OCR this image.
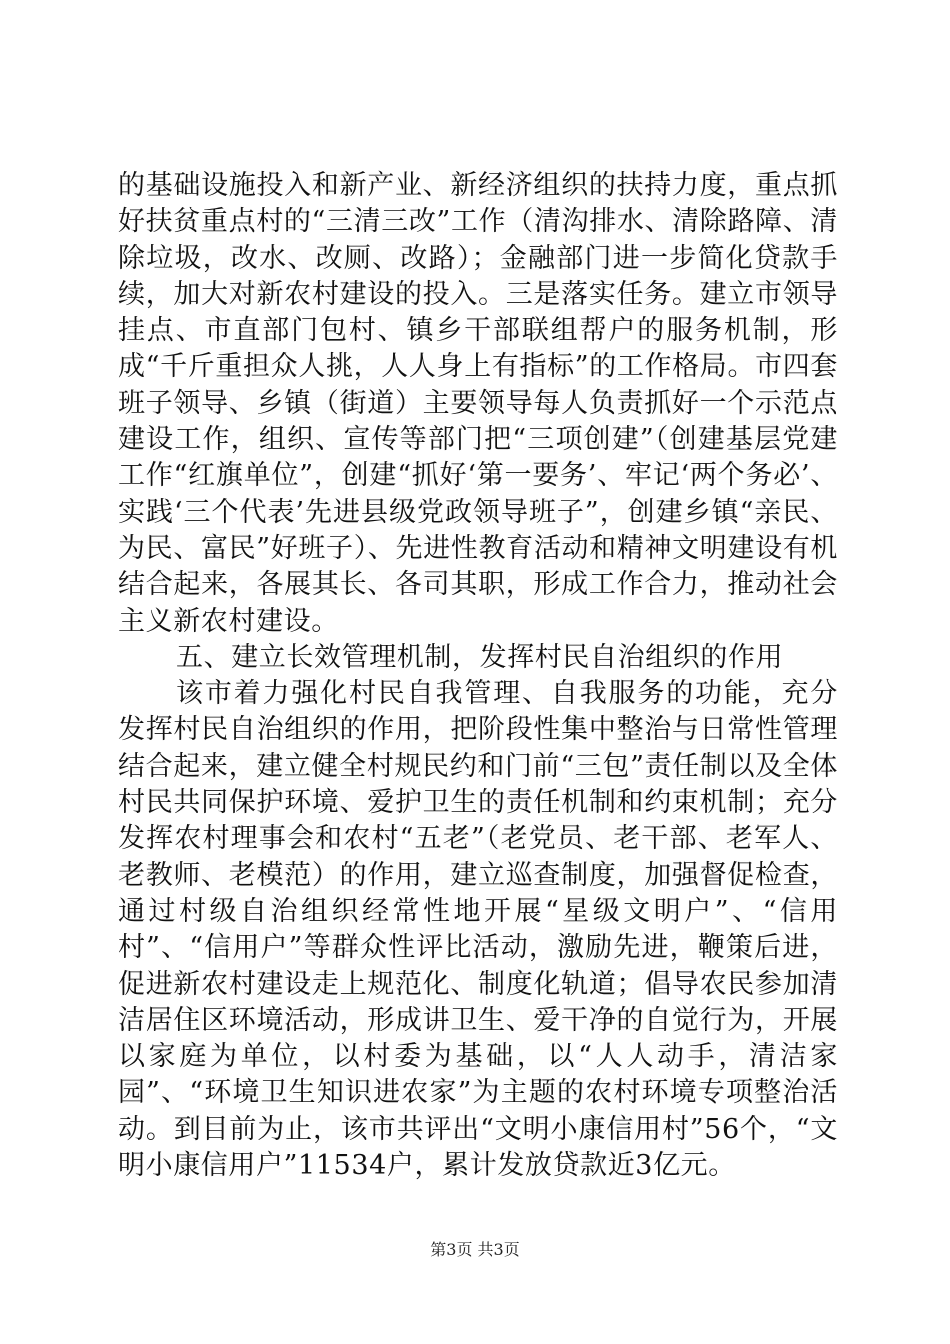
的基础设施投入和新产业、新经济组织的扶持力度，重点抓好扶贫重点村的“三清三改”工作（清沟排水、清除路障、清除垃圾，改水、改厕、改路）；金融部门进一步简化贷款手续，加大对新农村建设的投入。三是落实任务。建立市领导挂点、市直部门包村、镇乡干部联组帮户的服务机制，形成“千斤重担众人挑，人人身上有指标”的工作格局。市四套班子领导、乡镇（街道）主要领导每人负责抓好一个示范点建设工作，组织、宣传等部门把“三项创建”（创建基层党建工作“红旗单位”，创建“抓好‘第一要务’、牢记‘两个务必’、实践‘三个代表’先进县级党政领导班子”，创建乡镇“亲民、为民、富民”好班子）、先进性教育活动和精神文明建设有机结合起来，各展其长、各司其职，形成工作合力，推动社会主义新农村建设。

五、建立长效管理机制，发挥村民自治组织的作用

该市着力强化村民自我管理、自我服务的功能，充分发挥村民自治组织的作用，把阶段性集中整治与日常性管理结合起来，建立健全村规民约和门前“三包”责任制以及全体村民共同保护环境、爱护卫生的责任机制和约束机制；充分发挥农村理事会和农村“五老”（老党员、老干部、老军人、老教师、老模范）的作用，建立巡查制度，加强督促检查，通过村级自治组织经常性地开展“星级文明户”、“信用村”、“信用户”等群众性评比活动，激励先进，鞭策后进，促进新农村建设走上规范化、制度化轨道；倡导农民参加清洁居住区环境活动，形成讲卫生、爱干净的自觉行为，开展以家庭为单位，以村委为基础，以“人人动手，清洁家园”、“环境卫生知识进农家”为主题的农村环境专项整治活动。到目前为止，该市共评出“文明小康信用村”56个，“文明小康信用户”11534户，累计发放贷款近3亿元。

第3页 共3页
